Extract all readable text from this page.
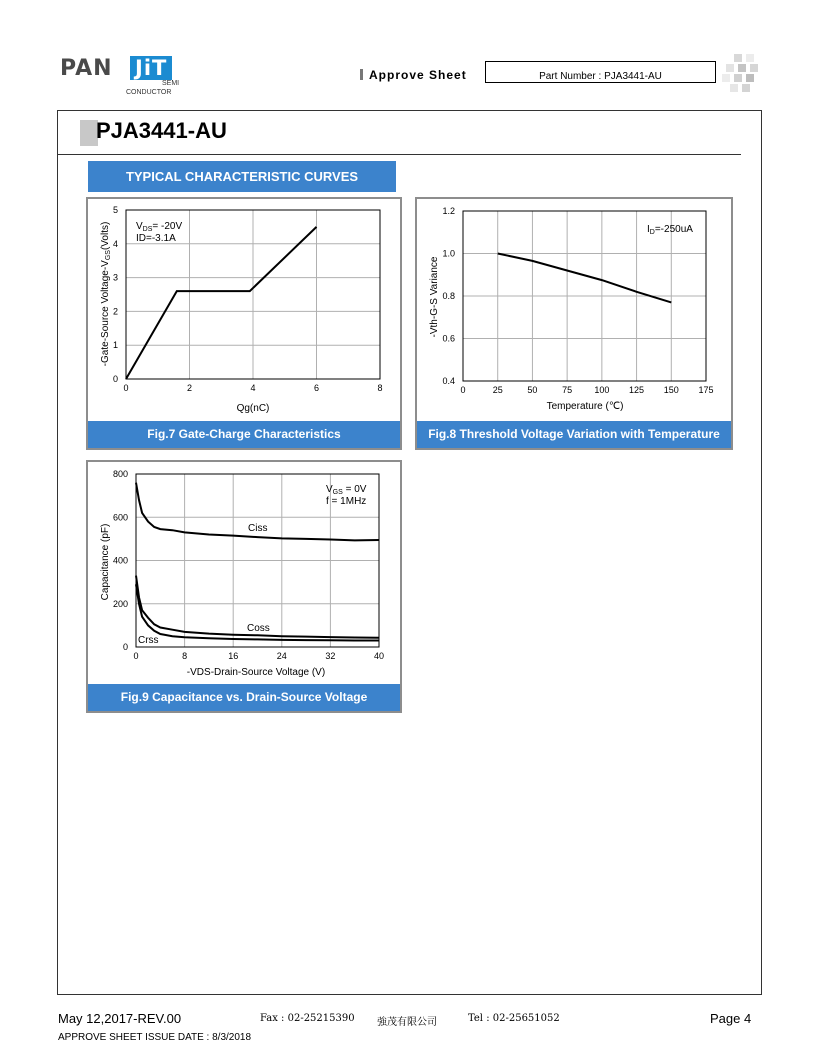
PAN JiT
SEMI
CONDUCTOR
Approve Sheet	Part Number : PJA3441-AU
PJA3441-AU
TYPICAL CHARACTERISTIC CURVES
0	2	4	6	8
0
1
2
3
4
5
$V_{DS}= -20V$
ID=-3.1A
Qg(nC)
-Gate-Source Voltage-$V_{GS}(Volts)$
Fig.7 Gate-Charge Characteristics
0	25	50	75 100 125 150 175
0.4
0.6
0.8
1.0
1.2
$I_D=-250uA$
Temperature (℃)
-Vth-G-S Variance
Fig.8 Threshold Voltage Variation with Temperature
0	8	16	24	32	40
0
200
400
600
800
$V_{GS} = 0V$
f = 1MHz
Ciss
Coss
Crss
-VDS-Drain-Source Voltage (V)
Capacitance (pF)
Fig.9 Capacitance vs. Drain-Source Voltage
May 12,2017-REV.00	Fax : 02-25215390 強茂有限公司	Tel : 02-25651052	Page 4
APPROVE SHEET ISSUE DATE : 8/3/2018
